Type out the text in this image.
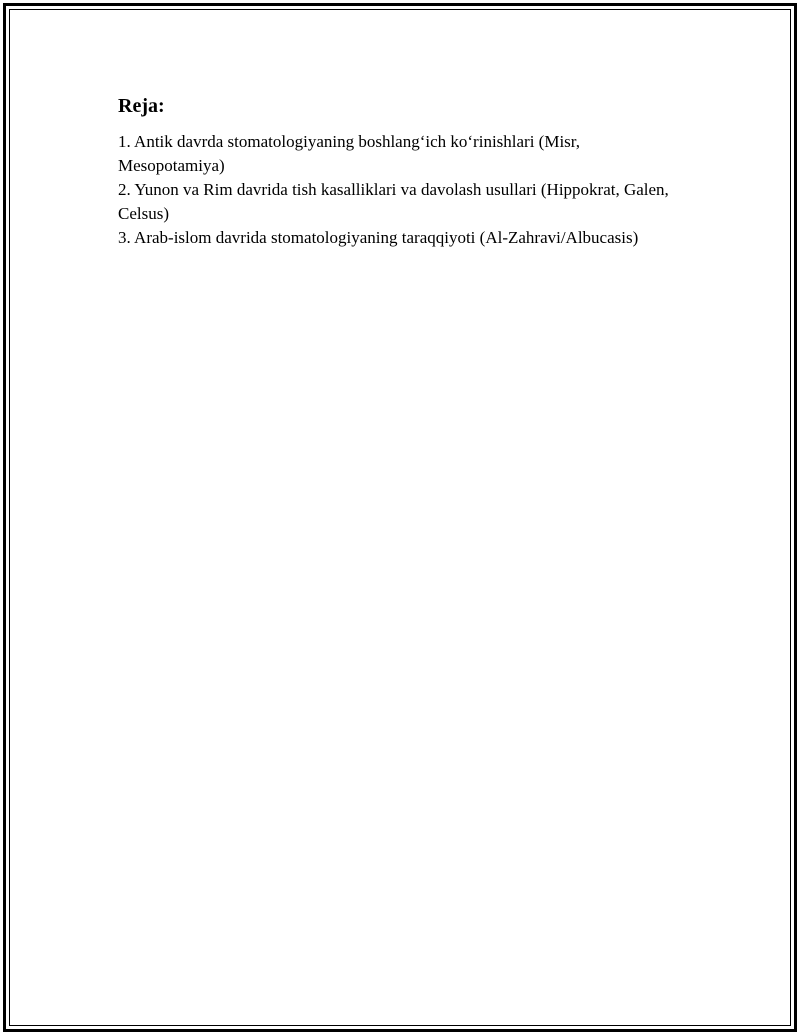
Reja:
1. Antik davrda stomatologiyaning boshlang‘ich ko‘rinishlari (Misr, Mesopotamiya)
2. Yunon va Rim davrida tish kasalliklari va davolash usullari (Hippokrat, Galen, Celsus)
3. Arab-islom davrida stomatologiyaning taraqqiyoti (Al-Zahravi/Albucasis)
